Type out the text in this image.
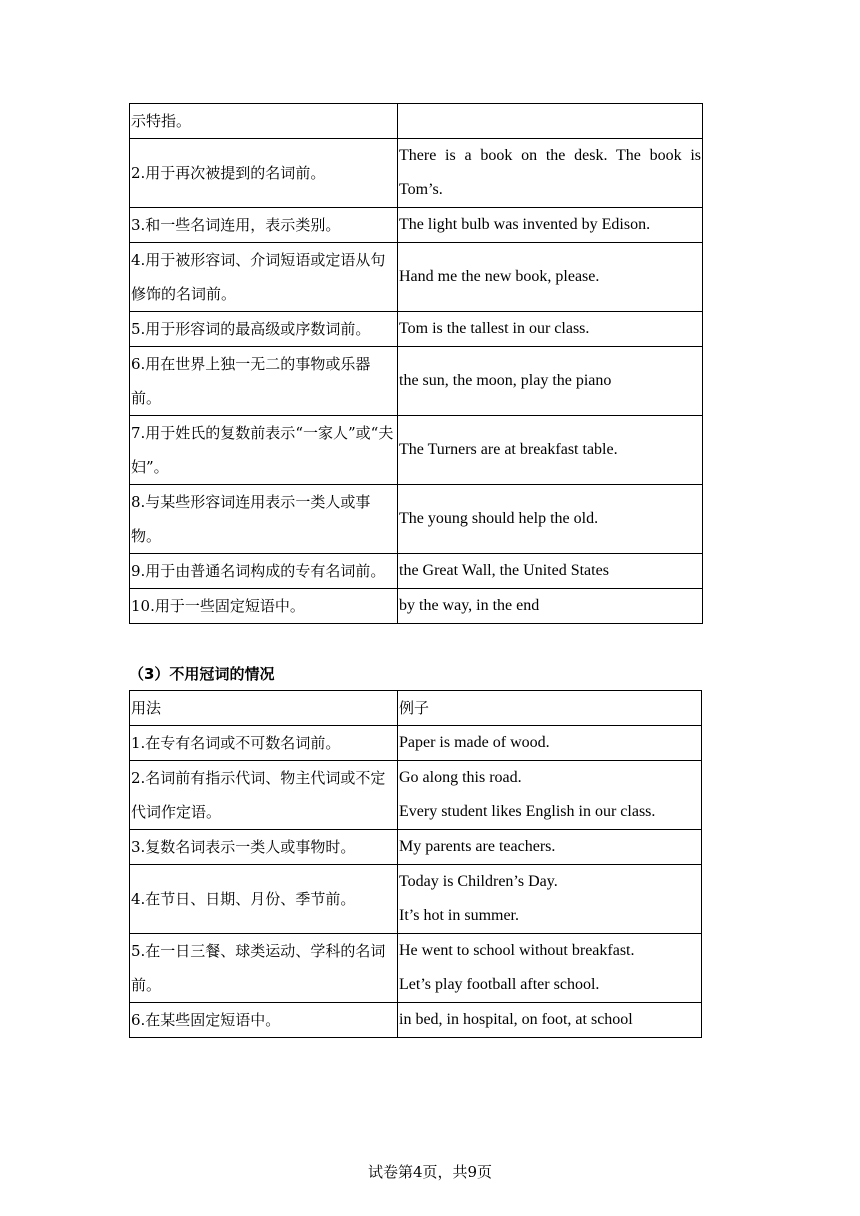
示特指。	
2.用于再次被提到的名词前。	There is a book on the desk. The book is Tom’s.
3.和一些名词连用，表示类别。	The light bulb was invented by Edison.
4.用于被形容词、介词短语或定语从句修饰的名词前。	Hand me the new book, please.
5.用于形容词的最高级或序数词前。	Tom is the tallest in our class.
6.用在世界上独一无二的事物或乐器前。	the sun, the moon, play the piano
7.用于姓氏的复数前表示“一家人”或“夫妇”。	The Turners are at breakfast table.
8.与某些形容词连用表示一类人或事物。	The young should help the old.
9.用于由普通名词构成的专有名词前。	the Great Wall, the United States
10.用于一些固定短语中。	by the way, in the end
（3）不用冠词的情况
用法	例子
1.在专有名词或不可数名词前。	Paper is made of wood.

2.名词前有指示代词、物主代词或不定代词作定语。	Go along this road.
Every student likes English in our class.

3.复数名词表示一类人或事物时。	My parents are teachers.

4.在节日、日期、月份、季节前。	Today is Children’s Day.
It’s hot in summer.

5.在一日三餐、球类运动、学科的名词前。	He went to school without breakfast.
Let’s play football after school.

6.在某些固定短语中。	in bed, in hospital, on foot, at school
试卷第4页，共9页
